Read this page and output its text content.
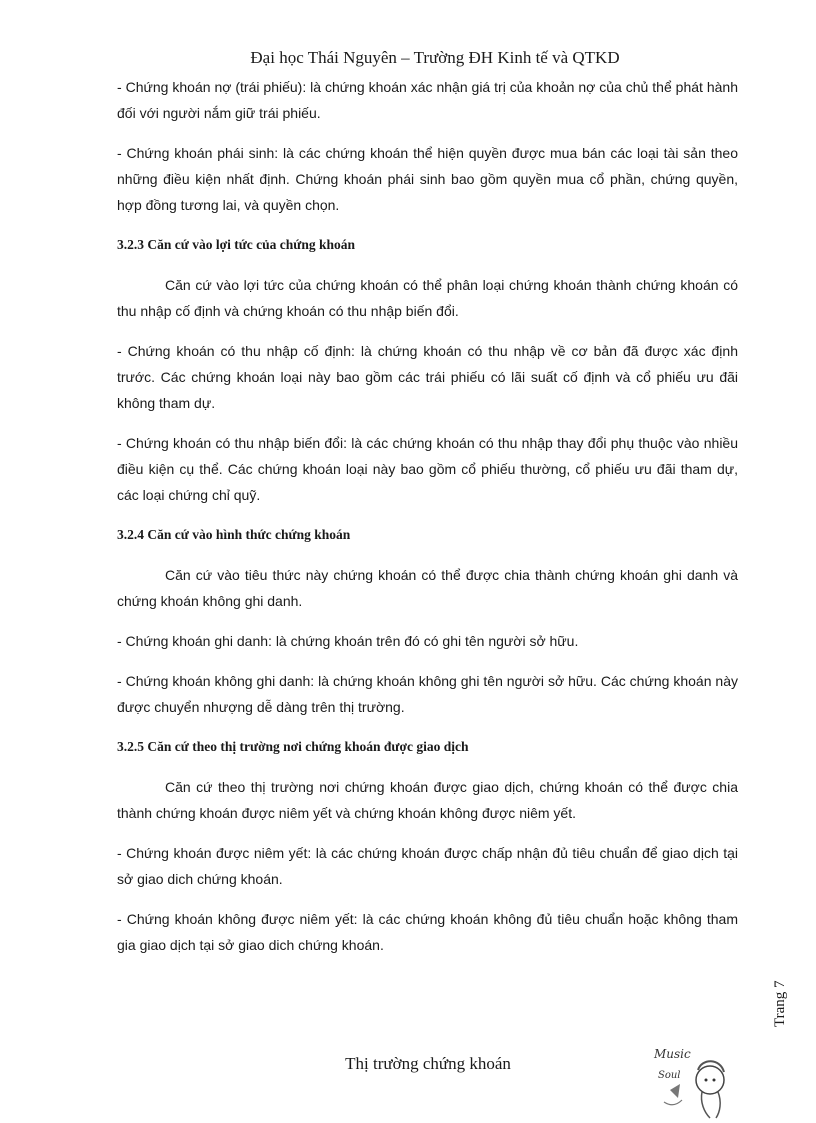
Đại học Thái Nguyên – Trường ĐH Kinh tế và QTKD

- Chứng khoán nợ (trái phiếu): là chứng khoán xác nhận giá trị của khoản nợ của chủ thể phát hành đối với người nắm giữ trái phiếu.

- Chứng khoán phái sinh: là các chứng khoán thể hiện quyền được mua bán các loại tài sản theo những điều kiện nhất định. Chứng khoán phái sinh bao gồm quyền mua cổ phần, chứng quyền, hợp đồng tương lai, và quyền chọn.

3.2.3 Căn cứ vào lợi tức của chứng khoán

Căn cứ vào lợi tức của chứng khoán có thể phân loại chứng khoán thành chứng khoán có thu nhập cố định và chứng khoán có thu nhập biến đổi.

- Chứng khoán có thu nhập cố định: là chứng khoán có thu nhập về cơ bản đã được xác định trước. Các chứng khoán loại này bao gồm các trái phiếu có lãi suất cố định và cổ phiếu ưu đãi không tham dự.

- Chứng khoán có thu nhập biến đổi: là các chứng khoán có thu nhập thay đổi phụ thuộc vào nhiều điều kiện cụ thể. Các chứng khoán loại này bao gồm cổ phiếu thường, cổ phiếu ưu đãi tham dự, các loại chứng chỉ quỹ.

3.2.4 Căn cứ vào hình thức chứng khoán

Căn cứ vào tiêu thức này chứng khoán có thể được chia thành chứng khoán ghi danh và chứng khoán không ghi danh.

- Chứng khoán ghi danh: là chứng khoán trên đó có ghi tên người sở hữu.

- Chứng khoán không ghi danh: là chứng khoán không ghi tên người sở hữu. Các chứng khoán này được chuyển nhượng dễ dàng trên thị trường.

3.2.5 Căn cứ theo thị trường nơi chứng khoán được giao dịch

Căn cứ theo thị trường nơi chứng khoán được giao dịch, chứng khoán có thể được chia thành chứng khoán được niêm yết và chứng khoán không được niêm yết.

- Chứng khoán được niêm yết: là các chứng khoán được chấp nhận đủ tiêu chuẩn để giao dịch tại sở giao dich chứng khoán.

- Chứng khoán không được niêm yết: là các chứng khoán không đủ tiêu chuẩn hoặc không tham gia giao dịch tại sở giao dich chứng khoán.

Trang 7
Thị trường chứng khoán	Music
Soul
